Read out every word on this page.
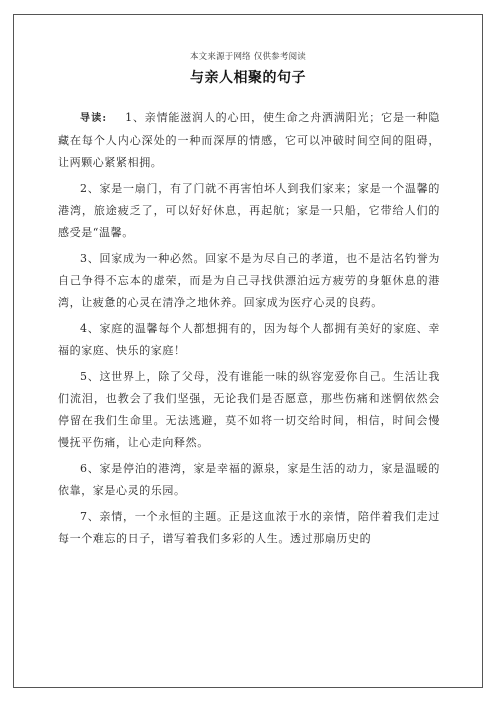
本文来源于网络 仅供参考阅读
与亲人相聚的句子

导读: 1、亲情能滋润人的心田，使生命之舟洒满阳光；它是一种隐藏在每个人内心深处的一种而深厚的情感，它可以冲破时间空间的阻碍，让两颗心紧紧相拥。

2、家是一扇门，有了门就不再害怕坏人到我们家来；家是一个温馨的港湾，旅途疲乏了，可以好好休息，再起航；家是一只船，它带给人们的感受是“温馨。

3、回家成为一种必然。回家不是为尽自己的孝道，也不是沽名钓誉为自己争得不忘本的虚荣，而是为自己寻找供漂泊远方疲劳的身躯休息的港湾，让疲惫的心灵在清净之地休养。回家成为医疗心灵的良药。

4、家庭的温馨每个人都想拥有的，因为每个人都拥有美好的家庭、幸福的家庭、快乐的家庭！

5、这世界上，除了父母，没有谁能一味的纵容宠爱你自己。生活让我们流泪，也教会了我们坚强，无论我们是否愿意，那些伤痛和迷惘依然会停留在我们生命里。无法逃避，莫不如将一切交给时间，相信，时间会慢慢抚平伤痛，让心走向释然。

6、家是停泊的港湾，家是幸福的源泉，家是生活的动力，家是温暖的依靠，家是心灵的乐园。

7、亲情，一个永恒的主题。正是这血浓于水的亲情，陪伴着我们走过每一个难忘的日子，谱写着我们多彩的人生。透过那扇历史的
